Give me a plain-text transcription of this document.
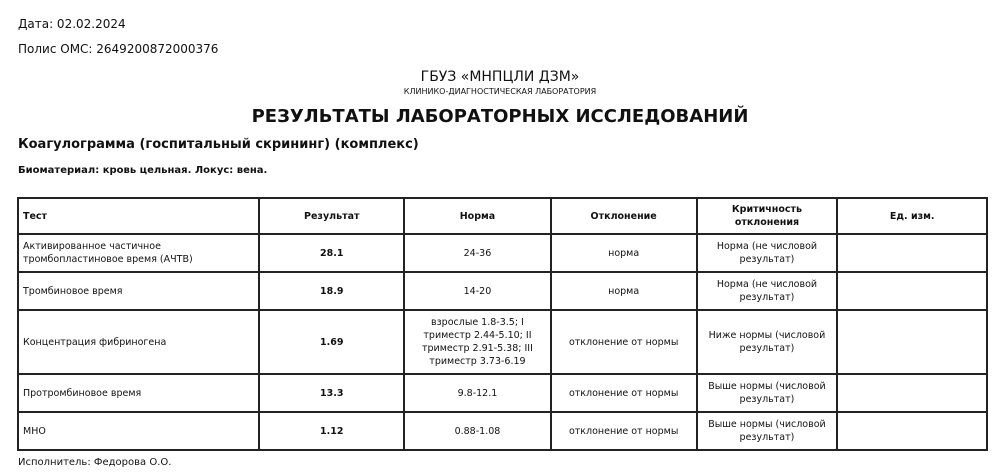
Дата: 02.02.2024
Полис ОМС: 2649200872000376
ГБУЗ «МНПЦЛИ ДЗМ»
КЛИНИКО-ДИАГНОСТИЧЕСКАЯ ЛАБОРАТОРИЯ
РЕЗУЛЬТАТЫ ЛАБОРАТОРНЫХ ИССЛЕДОВАНИЙ
Коагулограмма (госпитальный скрининг) (комплекс)
Биоматериал: кровь цельная. Локус: вена.
Тест	Результат	Норма	Отклонение	Критичность отклонения	Ед. изм.
Активированное частичное тромбопластиновое время (АЧТВ)	28.1	24-36	норма	Норма (не числовой результат)	
Тромбиновое время	18.9	14-20	норма	Норма (не числовой результат)	
Концентрация фибриногена	1.69	взрослые 1.8-3.5; I триместр 2.44-5.10; II триместр 2.91-5.38; III триместр 3.73-6.19	отклонение от нормы	Ниже нормы (числовой результат)	
Протромбиновое время	13.3	9.8-12.1	отклонение от нормы	Выше нормы (числовой результат)	
МНО	1.12	0.88-1.08	отклонение от нормы	Выше нормы (числовой результат)	
Исполнитель: Федорова О.О.
